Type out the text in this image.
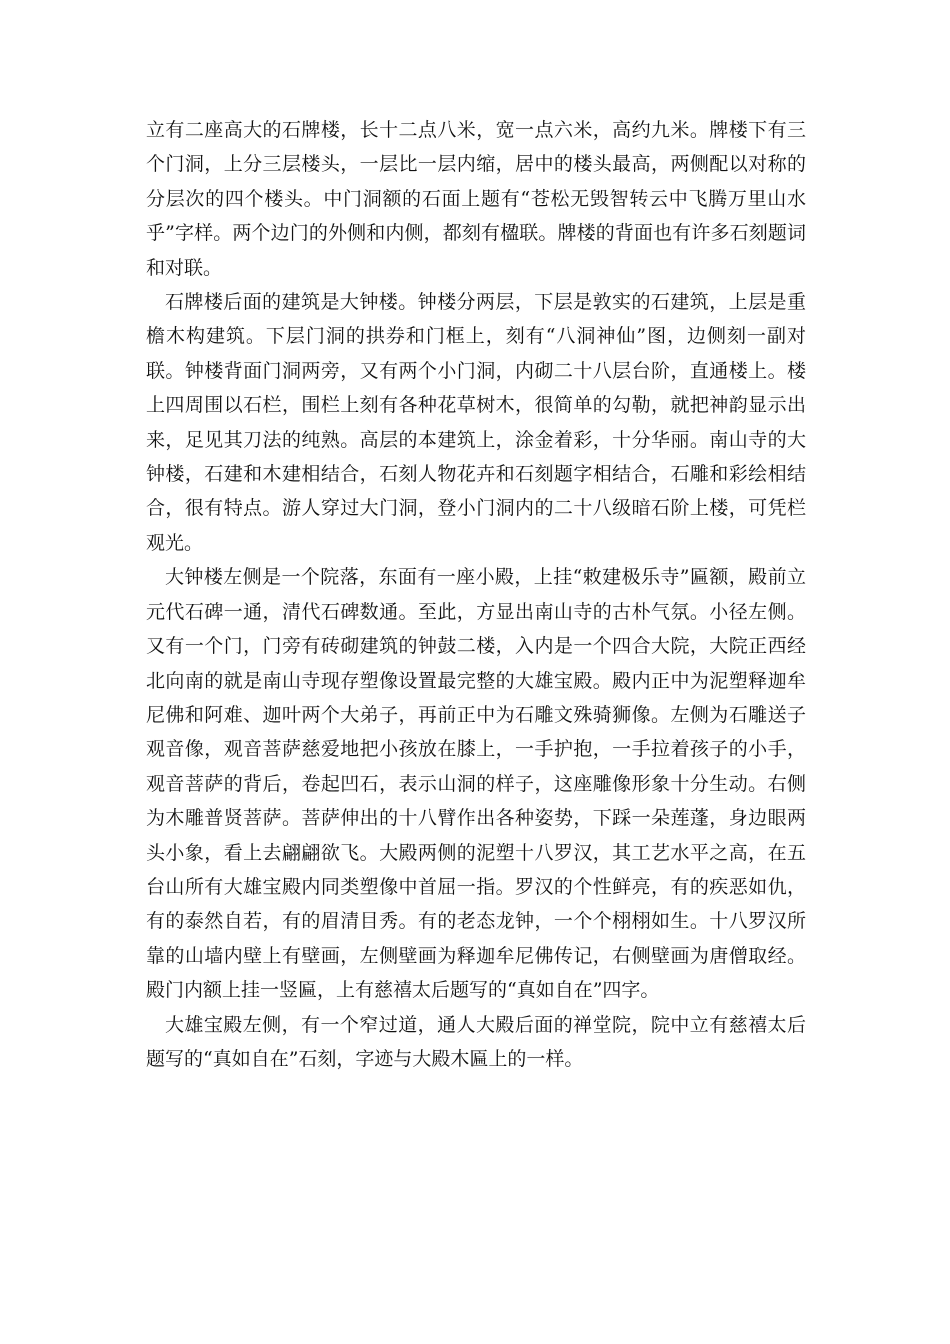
立有二座高大的石牌楼，长十二点八米，宽一点六米，高约九米。牌楼下有三个门洞，上分三层楼头，一层比一层内缩，居中的楼头最高，两侧配以对称的分层次的四个楼头。中门洞额的石面上题有“苍松无毁智转云中飞腾万里山水乎”字样。两个边门的外侧和内侧，都刻有楹联。牌楼的背面也有许多石刻题词和对联。

石牌楼后面的建筑是大钟楼。钟楼分两层，下层是敦实的石建筑，上层是重檐木构建筑。下层门洞的拱券和门框上，刻有“八洞神仙”图，边侧刻一副对联。钟楼背面门洞两旁，又有两个小门洞，内砌二十八层台阶，直通楼上。楼上四周围以石栏，围栏上刻有各种花草树木，很简单的勾勒，就把神韵显示出来，足见其刀法的纯熟。高层的本建筑上，涂金着彩，十分华丽。南山寺的大钟楼，石建和木建相结合，石刻人物花卉和石刻题字相结合，石雕和彩绘相结合，很有特点。游人穿过大门洞，登小门洞内的二十八级暗石阶上楼，可凭栏观光。

大钟楼左侧是一个院落，东面有一座小殿，上挂“敕建极乐寺”匾额，殿前立元代石碑一通，清代石碑数通。至此，方显出南山寺的古朴气氛。小径左侧。又有一个门，门旁有砖砌建筑的钟鼓二楼，入内是一个四合大院，大院正西经北向南的就是南山寺现存塑像设置最完整的大雄宝殿。殿内正中为泥塑释迦牟尼佛和阿难、迦叶两个大弟子，再前正中为石雕文殊骑狮像。左侧为石雕送子观音像，观音菩萨慈爱地把小孩放在膝上，一手护抱，一手拉着孩子的小手，观音菩萨的背后，卷起凹石，表示山洞的样子，这座雕像形象十分生动。右侧为木雕普贤菩萨。菩萨伸出的十八臂作出各种姿势，下踩一朵莲蓬，身边眼两头小象，看上去翩翩欲飞。大殿两侧的泥塑十八罗汉，其工艺水平之高，在五台山所有大雄宝殿内同类塑像中首屈一指。罗汉的个性鲜亮，有的疾恶如仇，有的泰然自若，有的眉清目秀。有的老态龙钟，一个个栩栩如生。十八罗汉所靠的山墙内壁上有壁画，左侧壁画为释迦牟尼佛传记，右侧壁画为唐僧取经。殿门内额上挂一竖匾，上有慈禧太后题写的“真如自在”四字。

大雄宝殿左侧，有一个窄过道，通人大殿后面的禅堂院，院中立有慈禧太后题写的“真如自在”石刻，字迹与大殿木匾上的一样。
